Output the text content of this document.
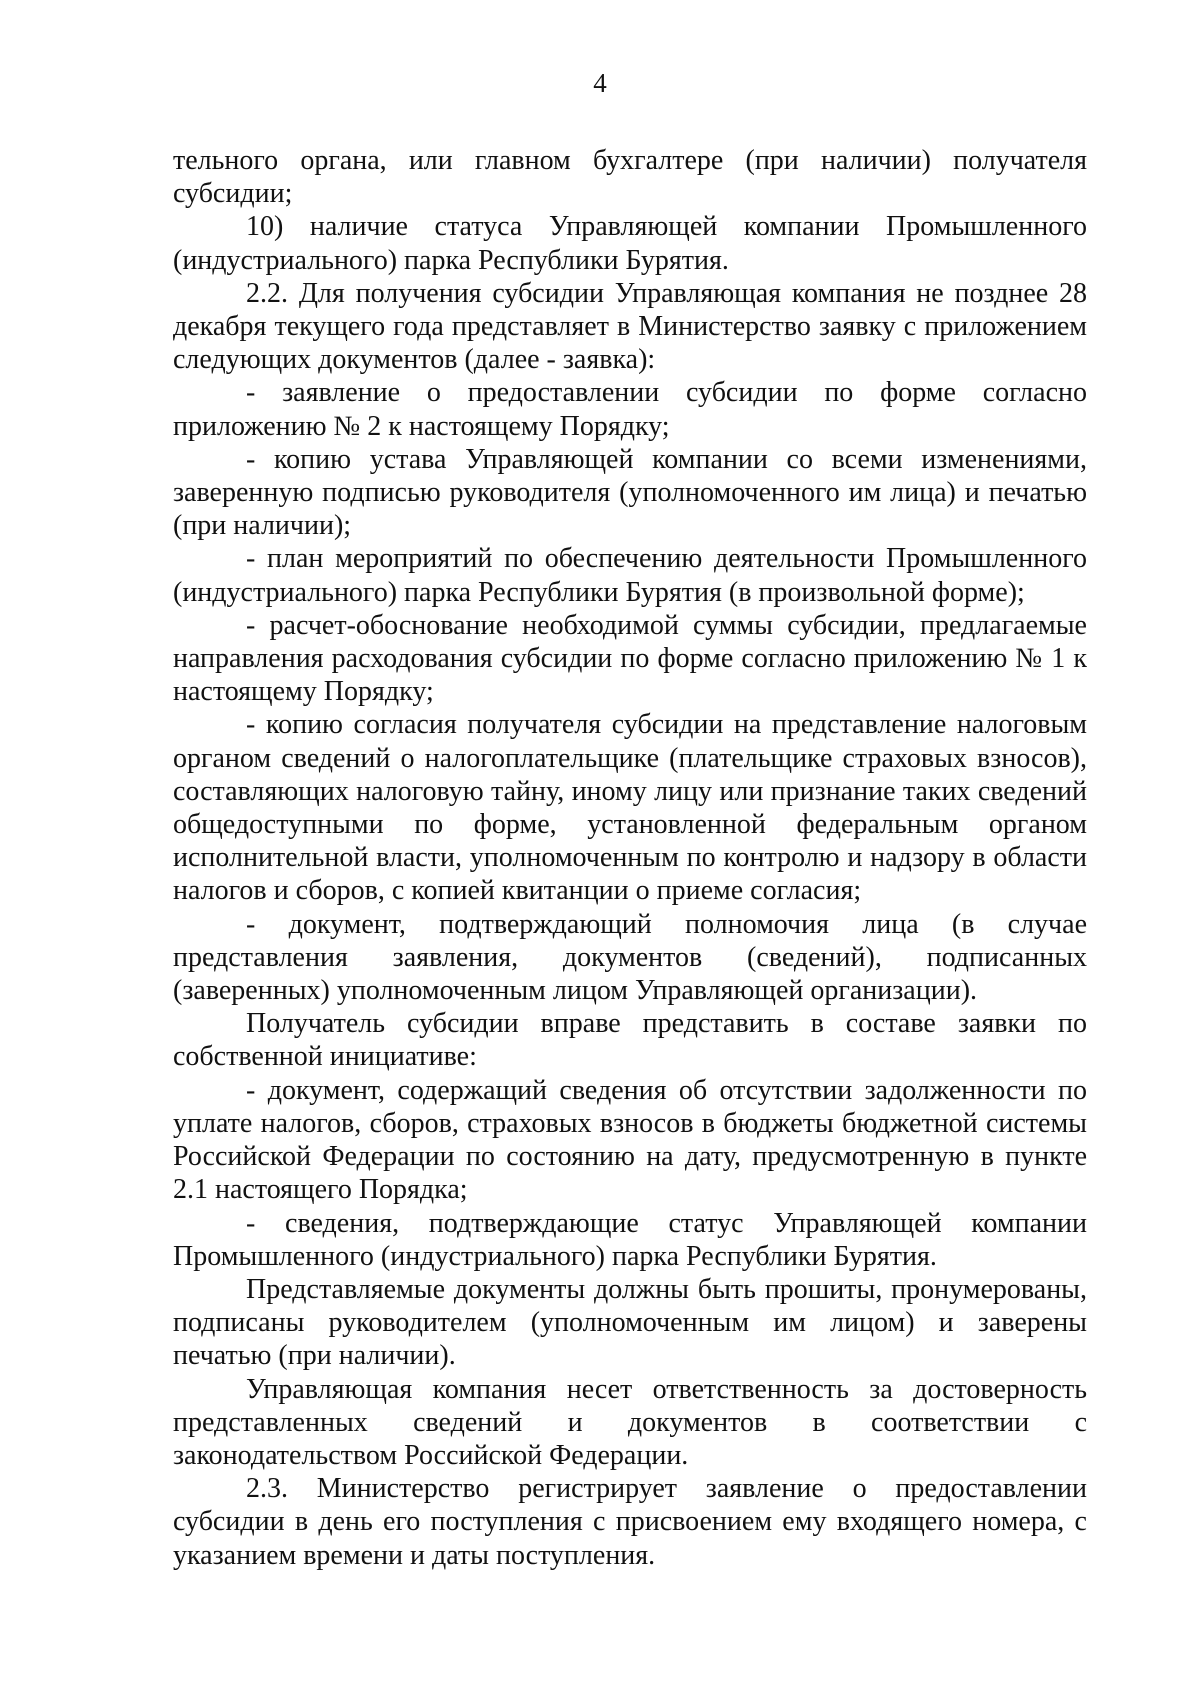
4

тельного органа, или главном бухгалтере (при наличии) получателя субсидии;

10) наличие статуса Управляющей компании Промышленного (индустриального) парка Республики Бурятия.

2.2. Для получения субсидии Управляющая компания не позднее 28 декабря текущего года представляет в Министерство заявку с приложением следующих документов (далее - заявка):

- заявление о предоставлении субсидии по форме согласно приложению № 2 к настоящему Порядку;

- копию устава Управляющей компании со всеми изменениями, заверенную подписью руководителя (уполномоченного им лица) и печатью (при наличии);

- план мероприятий по обеспечению деятельности Промышленного (индустриального) парка Республики Бурятия (в произвольной форме);

- расчет-обоснование необходимой суммы субсидии, предлагаемые направления расходования субсидии по форме согласно приложению № 1 к настоящему Порядку;

- копию согласия получателя субсидии на представление налоговым органом сведений о налогоплательщике (плательщике страховых взносов), составляющих налоговую тайну, иному лицу или признание таких сведений общедоступными по форме, установленной федеральным органом исполнительной власти, уполномоченным по контролю и надзору в области налогов и сборов, с копией квитанции о приеме согласия;

- документ, подтверждающий полномочия лица (в случае представления заявления, документов (сведений), подписанных (заверенных) уполномоченным лицом Управляющей организации).

Получатель субсидии вправе представить в составе заявки по собственной инициативе:

- документ, содержащий сведения об отсутствии задолженности по уплате налогов, сборов, страховых взносов в бюджеты бюджетной системы Российской Федерации по состоянию на дату, предусмотренную в пункте 2.1 настоящего Порядка;

- сведения, подтверждающие статус Управляющей компании Промышленного (индустриального) парка Республики Бурятия.

Представляемые документы должны быть прошиты, пронумерованы, подписаны руководителем (уполномоченным им лицом) и заверены печатью (при наличии).

Управляющая компания несет ответственность за достоверность представленных сведений и документов в соответствии с законодательством Российской Федерации.

2.3. Министерство регистрирует заявление о предоставлении субсидии в день его поступления с присвоением ему входящего номера, с указанием времени и даты поступления.
